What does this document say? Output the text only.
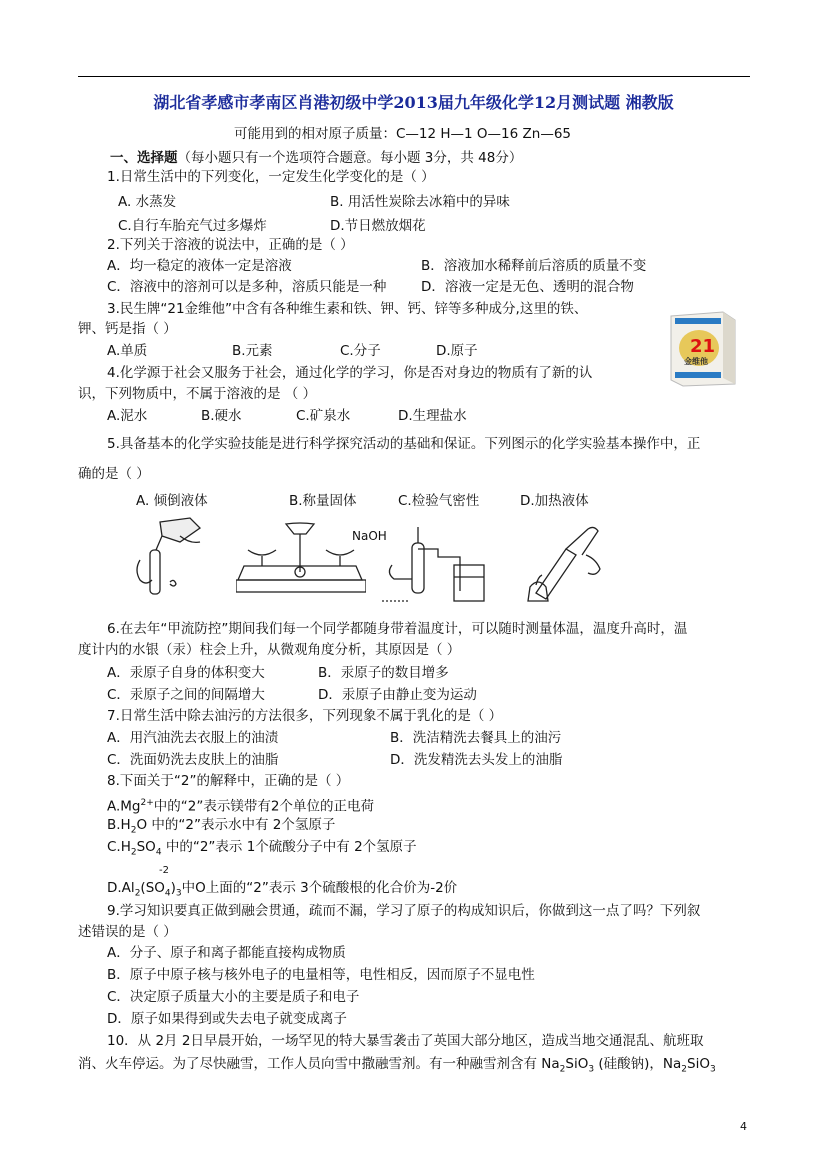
湖北省孝感市孝南区肖港初级中学2013届九年级化学12月测试题 湘教版
可能用到的相对原子质量：C—12 H—1 O—16 Zn—65
一、选择题（每小题只有一个选项符合题意。每小题 3分，共 48分）
1.日常生活中的下列变化，一定发生化学变化的是（ ）
A. 水蒸发	B. 用活性炭除去冰箱中的异味
C.自行车胎充气过多爆炸	D.节日燃放烟花
2.下列关于溶液的说法中，正确的是（ ）
A．均一稳定的液体一定是溶液	B．溶液加水稀释前后溶质的质量不变
C．溶液中的溶剂可以是多种，溶质只能是一种	D．溶液一定是无色、透明的混合物
3.民生牌“21金维他”中含有各种维生素和铁、钾、钙、锌等多种成分,这里的铁、
钾、钙是指（ ）
A.单质	B.元素	C.分子	D.原子	21
金维他
4.化学源于社会又服务于社会，通过化学的学习，你是否对身边的物质有了新的认
识，下列物质中，不属于溶液的是 （ ）
A.泥水	B.硬水	C.矿泉水	D.生理盐水
5.具备基本的化学实验技能是进行科学探究活动的基础和保证。下列图示的化学实验基本操作中，正
确的是（ ）
A. 倾倒液体	B.称量固体	C.检验气密性	D.加热液体
NaOH
6.在去年“甲流防控”期间我们每一个同学都随身带着温度计，可以随时测量体温，温度升高时，温
度计内的水银（汞）柱会上升，从微观角度分析，其原因是（ ）
A．汞原子自身的体积变大	B．汞原子的数目增多
C．汞原子之间的间隔增大	D．汞原子由静止变为运动
7.日常生活中除去油污的方法很多，下列现象不属于乳化的是（ ）
A．用汽油洗去衣服上的油渍	B．洗洁精洗去餐具上的油污
C．洗面奶洗去皮肤上的油脂	D．洗发精洗去头发上的油脂
8.下面关于“2”的解释中，正确的是（ ）
$A.Mg^{2+}$中的“2”表示镁带有2个单位的正电荷
$B.H_2O$ 中的“2”表示水中有 2个氢原子
$C.H_2SO_4$ 中的“2”表示 1个硫酸分子中有 2个氢原子
-2
$D.Al_2(SO_4)_3$中O上面的“2”表示 3个硫酸根的化合价为-2价
9.学习知识要真正做到融会贯通，疏而不漏，学习了原子的构成知识后，你做到这一点了吗？下列叙
述错误的是（ ）
A．分子、原子和离子都能直接构成物质
B．原子中原子核与核外电子的电量相等，电性相反，因而原子不显电性
C．决定原子质量大小的主要是质子和电子
D．原子如果得到或失去电子就变成离子
10．从 2月 2日早晨开始，一场罕见的特大暴雪袭击了英国大部分地区，造成当地交通混乱、航班取
消、火车停运。为了尽快融雪，工作人员向雪中撒融雪剂。有一种融雪剂含有 $Na_2SiO_3$ (硅酸钠)，$Na_2SiO_3$
4
